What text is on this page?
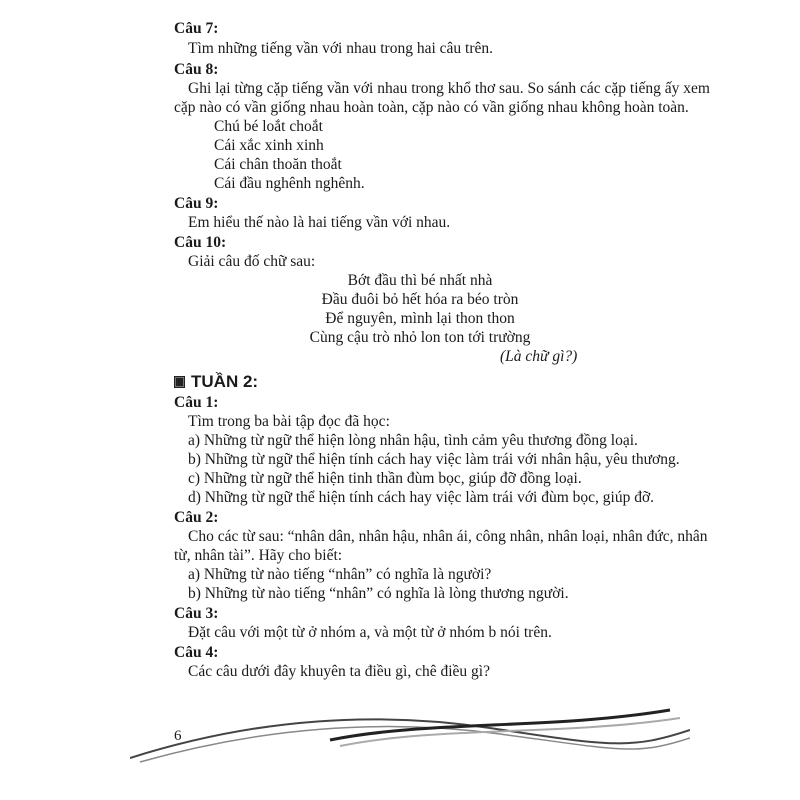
Câu 7:
Tìm những tiếng vần với nhau trong hai câu trên.
Câu 8:
Ghi lại từng cặp tiếng vần với nhau trong khổ thơ sau. So sánh các cặp tiếng ấy xem
cặp nào có vần giống nhau hoàn toàn, cặp nào có vần giống nhau không hoàn toàn.
Chú bé loắt choắt
Cái xắc xinh xinh
Cái chân thoăn thoắt
Cái đầu nghênh nghênh.
Câu 9:
Em hiểu thế nào là hai tiếng vần với nhau.
Câu 10:
Giải câu đố chữ sau:
Bớt đầu thì bé nhất nhà
Đầu đuôi bỏ hết hóa ra béo tròn
Để nguyên, mình lại thon thon
Cùng cậu trò nhỏ lon ton tới trường
(Là chữ gì?)
TUẦN 2:
Câu 1:
Tìm trong ba bài tập đọc đã học:
a) Những từ ngữ thể hiện lòng nhân hậu, tình cảm yêu thương đồng loại.
b) Những từ ngữ thể hiện tính cách hay việc làm trái với nhân hậu, yêu thương.
c) Những từ ngữ thể hiện tinh thần đùm bọc, giúp đỡ đồng loại.
d) Những từ ngữ thể hiện tính cách hay việc làm trái với đùm bọc, giúp đỡ.
Câu 2:
Cho các từ sau: “nhân dân, nhân hậu, nhân ái, công nhân, nhân loại, nhân đức, nhân
từ, nhân tài”. Hãy cho biết:
a) Những từ nào tiếng “nhân” có nghĩa là người?
b) Những từ nào tiếng “nhân” có nghĩa là lòng thương người.
Câu 3:
Đặt câu với một từ ở nhóm a, và một từ ở nhóm b nói trên.
Câu 4:
Các câu dưới đây khuyên ta điều gì, chê điều gì?
6
